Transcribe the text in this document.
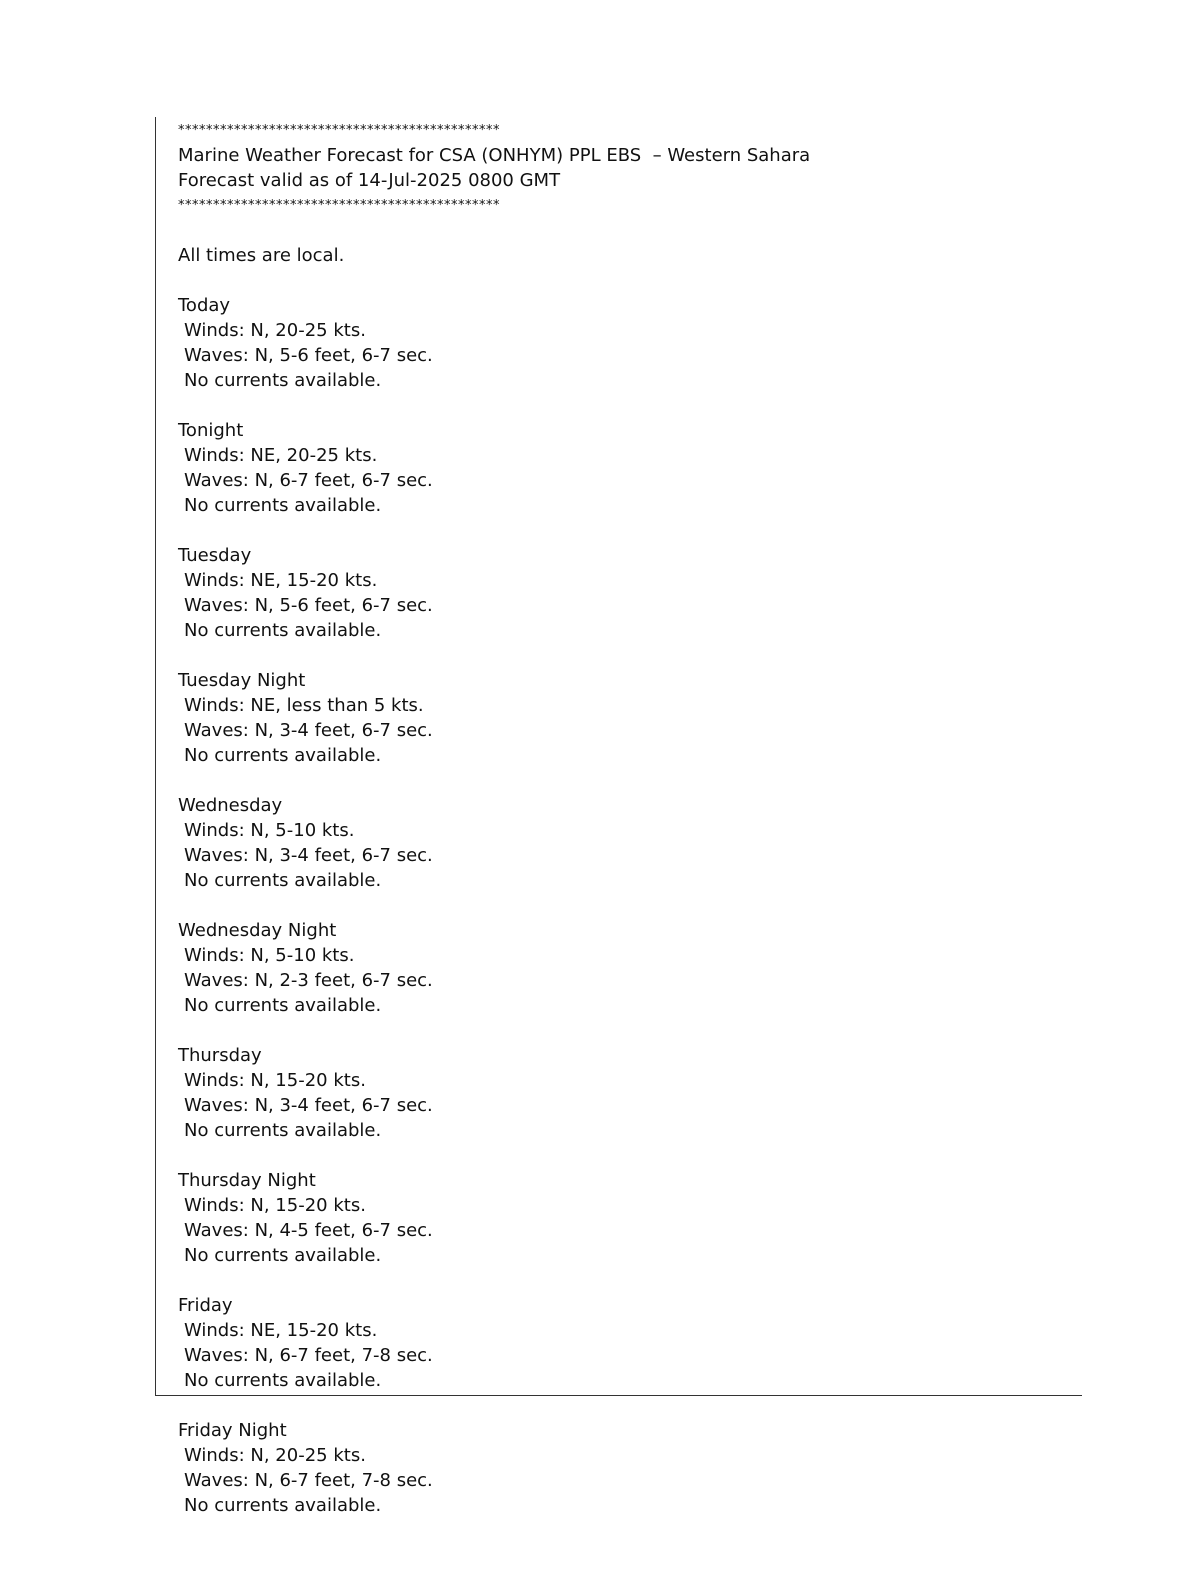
**********************************************
Marine Weather Forecast for CSA (ONHYM) PPL EBS  – Western Sahara
Forecast valid as of 14-Jul-2025 0800 GMT
**********************************************
All times are local.
Today
Winds: N, 20-25 kts.
Waves: N, 5-6 feet, 6-7 sec.
No currents available.
Tonight
Winds: NE, 20-25 kts.
Waves: N, 6-7 feet, 6-7 sec.
No currents available.
Tuesday
Winds: NE, 15-20 kts.
Waves: N, 5-6 feet, 6-7 sec.
No currents available.
Tuesday Night
Winds: NE, less than 5 kts.
Waves: N, 3-4 feet, 6-7 sec.
No currents available.
Wednesday
Winds: N, 5-10 kts.
Waves: N, 3-4 feet, 6-7 sec.
No currents available.
Wednesday Night
Winds: N, 5-10 kts.
Waves: N, 2-3 feet, 6-7 sec.
No currents available.
Thursday
Winds: N, 15-20 kts.
Waves: N, 3-4 feet, 6-7 sec.
No currents available.
Thursday Night
Winds: N, 15-20 kts.
Waves: N, 4-5 feet, 6-7 sec.
No currents available.
Friday
Winds: NE, 15-20 kts.
Waves: N, 6-7 feet, 7-8 sec.
No currents available.
Friday Night
Winds: N, 20-25 kts.
Waves: N, 6-7 feet, 7-8 sec.
No currents available.
